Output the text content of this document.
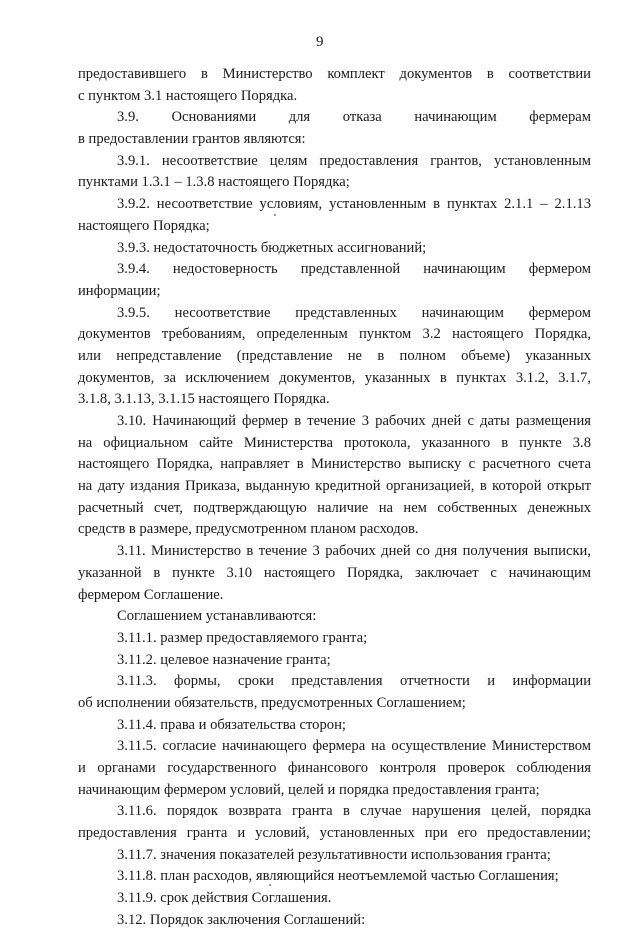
9
предоставившего в Министерство комплект документов в соответствии
с пунктом 3.1 настоящего Порядка.
3.9. Основаниями для отказа начинающим фермерам
в предоставлении грантов являются:
3.9.1. несоответствие целям предоставления грантов, установленным
пунктами 1.3.1 – 1.3.8 настоящего Порядка;
3.9.2. несоответствие условиям, установленным в пунктах 2.1.1 – 2.1.13
настоящего Порядка;
3.9.3. недостаточность бюджетных ассигнований;
3.9.4. недостоверность представленной начинающим фермером
информации;
3.9.5. несоответствие представленных начинающим фермером
документов требованиям, определенным пунктом 3.2 настоящего Порядка,
или непредставление (представление не в полном объеме) указанных
документов, за исключением документов, указанных в пунктах 3.1.2, 3.1.7,
3.1.8, 3.1.13, 3.1.15 настоящего Порядка.
3.10. Начинающий фермер в течение 3 рабочих дней с даты размещения
на официальном сайте Министерства протокола, указанного в пункте 3.8
настоящего Порядка, направляет в Министерство выписку с расчетного счета
на дату издания Приказа, выданную кредитной организацией, в которой открыт
расчетный счет, подтверждающую наличие на нем собственных денежных
средств в размере, предусмотренном планом расходов.
3.11. Министерство в течение 3 рабочих дней со дня получения выписки,
указанной в пункте 3.10 настоящего Порядка, заключает с начинающим
фермером Соглашение.
Соглашением устанавливаются:
3.11.1. размер предоставляемого гранта;
3.11.2. целевое назначение гранта;
3.11.3. формы, сроки представления отчетности и информации
об исполнении обязательств, предусмотренных Соглашением;
3.11.4. права и обязательства сторон;
3.11.5. согласие начинающего фермера на осуществление Министерством
и органами государственного финансового контроля проверок соблюдения
начинающим фермером условий, целей и порядка предоставления гранта;
3.11.6. порядок возврата гранта в случае нарушения целей, порядка
предоставления гранта и условий, установленных при его предоставлении;
3.11.7. значения показателей результативности использования гранта;
3.11.8. план расходов, являющийся неотъемлемой частью Соглашения;
3.11.9. срок действия Соглашения.
3.12. Порядок заключения Соглашений:
